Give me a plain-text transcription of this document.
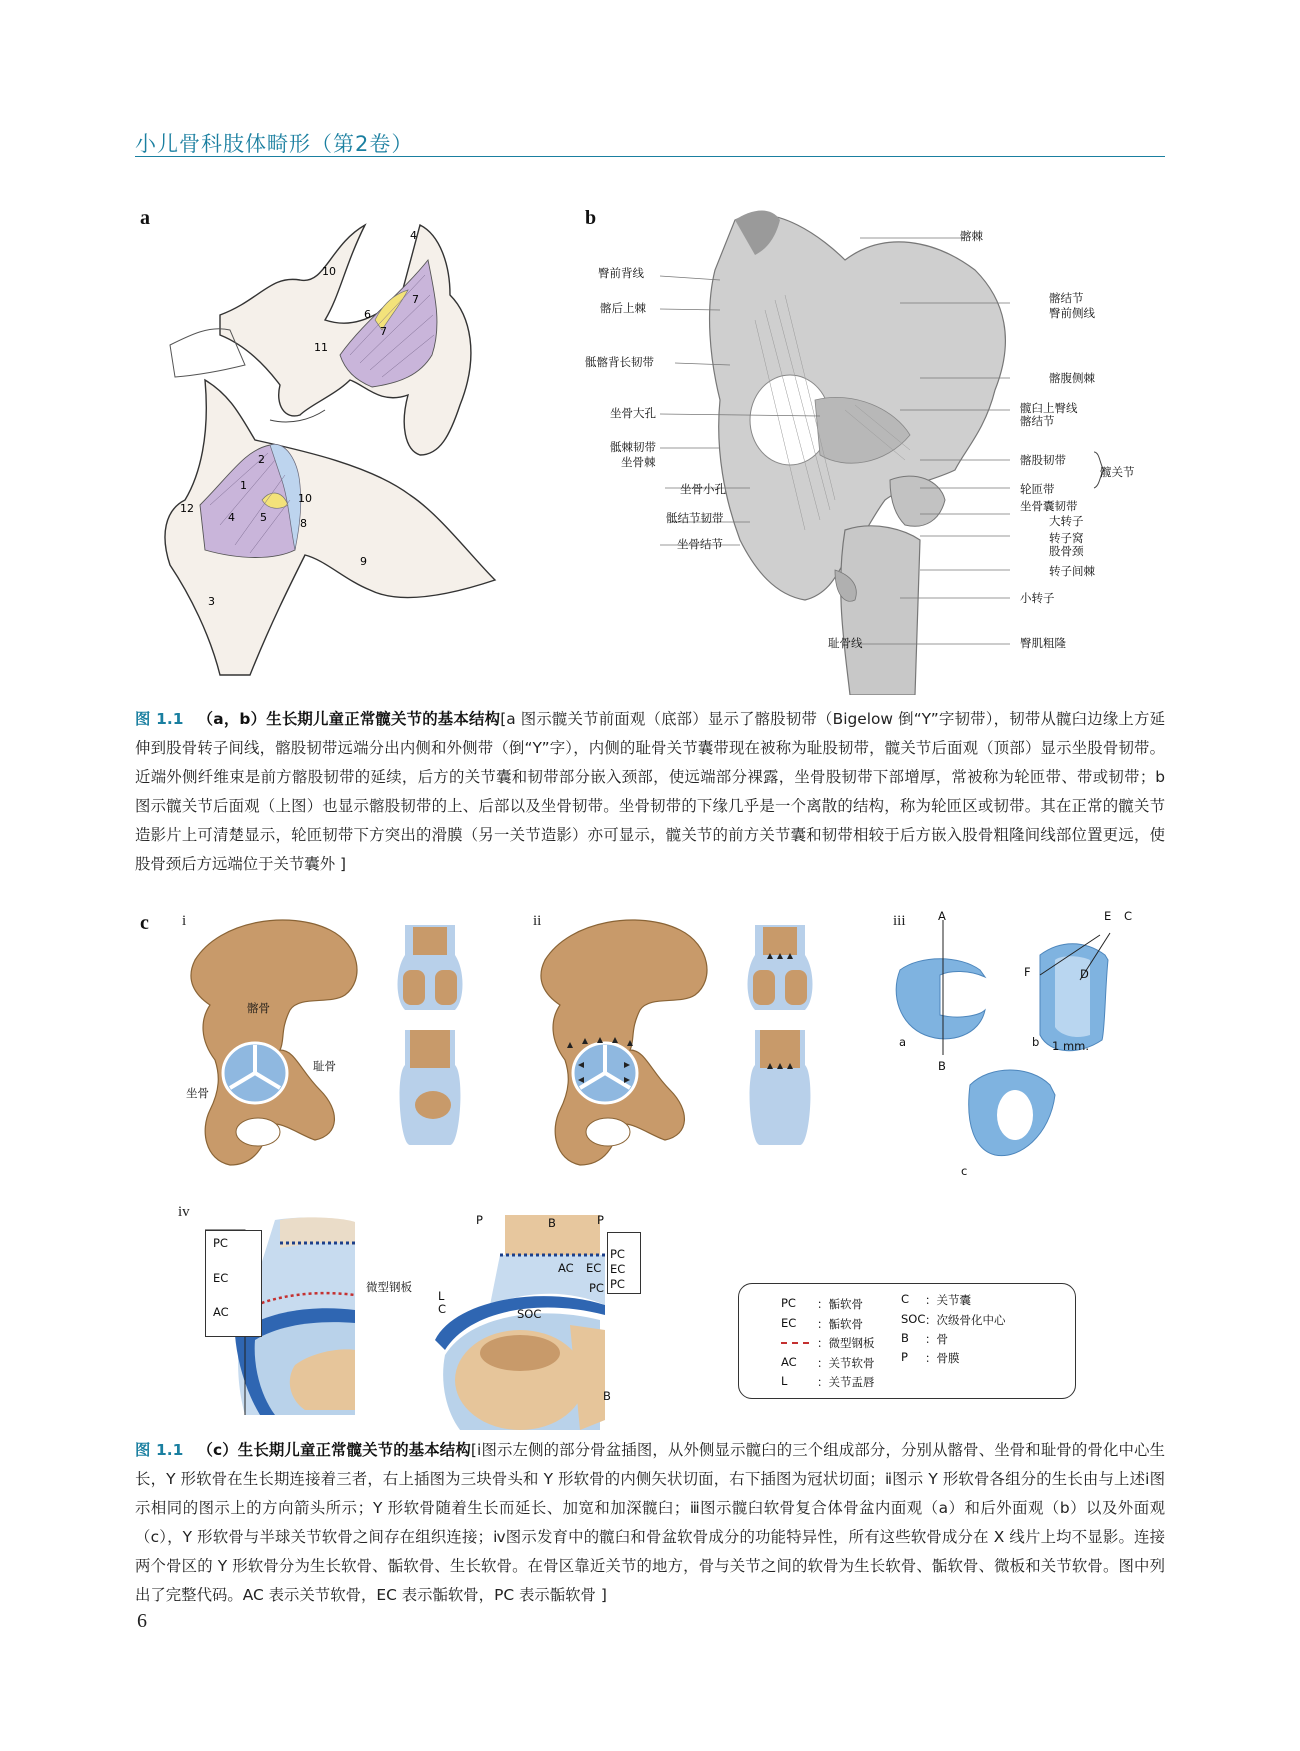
小儿骨科肢体畸形（第2卷）
a	b
c
10
4
7
6
7
11
2
1
12
4 5
10
8
9
3
臀前背线
髂后上棘
骶髂背长韧带
坐骨大孔
骶棘韧带
坐骨棘
坐骨小孔
骶结节韧带
坐骨结节
耻骨线
髂棘
髂结节
臀前侧线
髂腹侧棘
髋臼上臀线
髂结节
髂股韧带
轮匝带
髋关节
坐骨囊韧带
大转子
转子窝
股骨颈
转子间棘
小转子
臀肌粗隆
图 1.1 （a，b）生长期儿童正常髋关节的基本结构[a 图示髋关节前面观（底部）显示了髂股韧带（Bigelow 倒“Y”字韧带），韧带从髋臼边缘上方延伸到股骨转子间线，髂股韧带远端分出内侧和外侧带（倒“Y”字），内侧的耻骨关节囊带现在被称为耻股韧带，髋关节后面观（顶部）显示坐股骨韧带。近端外侧纤维束是前方髂股韧带的延续，后方的关节囊和韧带部分嵌入颈部，使远端部分裸露，坐骨股韧带下部增厚，常被称为轮匝带、带或韧带；b 图示髋关节后面观（上图）也显示髂股韧带的上、后部以及坐骨韧带。坐骨韧带的下缘几乎是一个离散的结构，称为轮匝区或韧带。其在正常的髋关节造影片上可清楚显示，轮匝韧带下方突出的滑膜（另一关节造影）亦可显示，髋关节的前方关节囊和韧带相较于后方嵌入股骨粗隆间线部位置更远，使股骨颈后方远端位于关节囊外 ]
i	ii	iii
iv
髂骨
耻骨
坐骨
A
B
E C
F	D
a	b 1 mm.
c
PC
EC
AC
微型钢板
P	B	P
AC EC
PC
EC
PC
PC
L
C	SOC
B
PC ：骺软骨
EC ：骺软骨
：微型钢板
AC ：关节软骨
L	：关节盂唇
C ：关节囊
SOC ：次级骨化中心
B ：骨
P ：骨膜
图 1.1 （c）生长期儿童正常髋关节的基本结构[ⅰ图示左侧的部分骨盆插图，从外侧显示髋臼的三个组成部分，分别从髂骨、坐骨和耻骨的骨化中心生长，Y 形软骨在生长期连接着三者，右上插图为三块骨头和 Y 形软骨的内侧矢状切面，右下插图为冠状切面；ⅱ图示 Y 形软骨各组分的生长由与上述ⅰ图示相同的图示上的方向箭头所示；Y 形软骨随着生长而延长、加宽和加深髋臼；ⅲ图示髋臼软骨复合体骨盆内面观（a）和后外面观（b）以及外面观（c），Y 形软骨与半球关节软骨之间存在组织连接；ⅳ图示发育中的髋臼和骨盆软骨成分的功能特异性，所有这些软骨成分在 X 线片上均不显影。连接两个骨区的 Y 形软骨分为生长软骨、骺软骨、生长软骨。在骨区靠近关节的地方，骨与关节之间的软骨为生长软骨、骺软骨、微板和关节软骨。图中列出了完整代码。AC 表示关节软骨，EC 表示骺软骨，PC 表示骺软骨 ]
6
